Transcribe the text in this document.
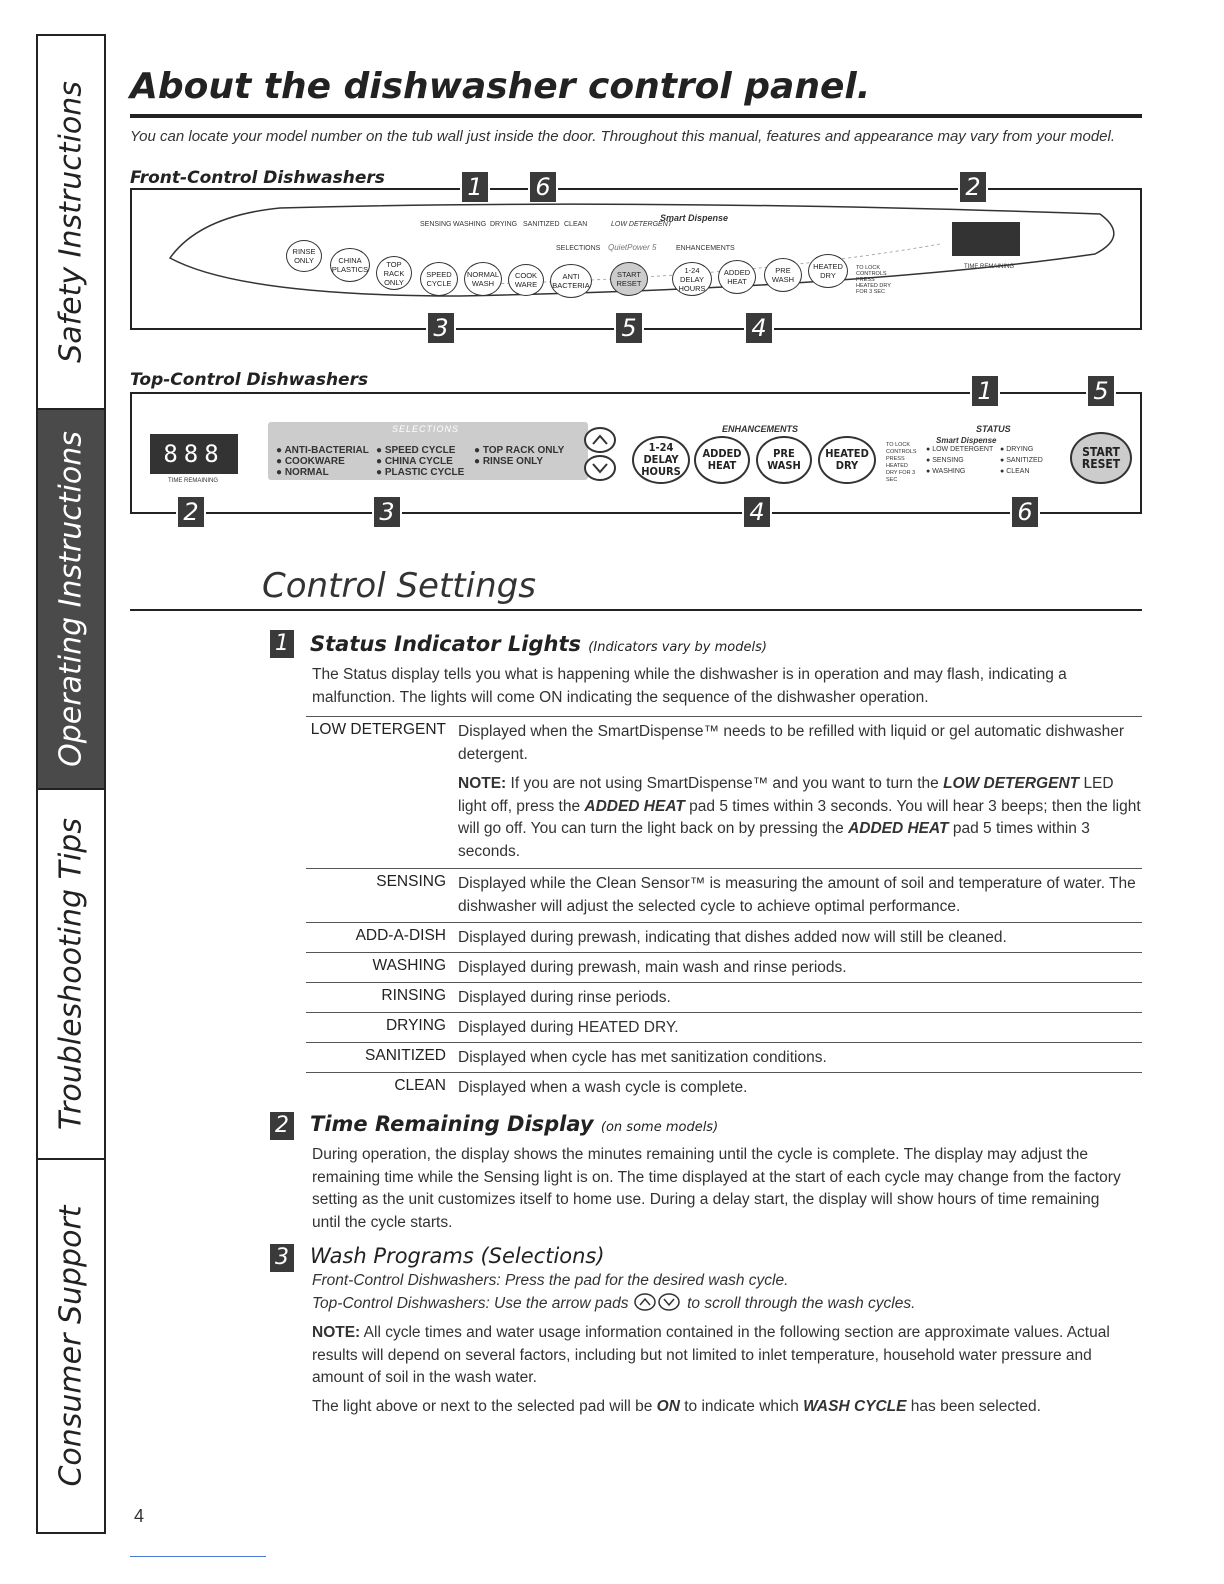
Safety Instructions
Operating Instructions
Troubleshooting Tips
Consumer Support
About the dishwasher control panel.
You can locate your model number on the tub wall just inside the door. Throughout this manual, features and appearance may vary from your model.
Front-Control Dishwashers	1 6	2
3	5	4
SENSING WASHING DRYING SANITIZED CLEAN	LOW DETERGENT
Smart Dispense
SELECTIONS QuietPower 5	ENHANCEMENTS
TIME REMAINING
TO LOCK CONTROLS PRESS HEATED DRY FOR 3 SEC
RINSE ONLY	CHINA PLASTICS
TOP RACK ONLY
SPEED CYCLE
NORMAL WASH
COOK WARE
ANTI BACTERIA
START RESET
1-24 DELAY HOURS
ADDED HEAT
PRE WASH
HEATED DRY
Top-Control Dishwashers	1	5
2	3	4	6
888
TIME REMAINING
SELECTIONS
● ANTI-BACTERIAL
● COOKWARE
● NORMAL
● SPEED CYCLE
● CHINA CYCLE
● PLASTIC CYCLE
● TOP RACK ONLY
● RINSE ONLY
ENHANCEMENTS
1-24 DELAY HOURS
ADDED HEAT
PRE WASH
HEATED DRY
TO LOCK CONTROLS PRESS HEATED DRY FOR 3 SEC
STATUS
Smart Dispense
● LOW DETERGENT
● SENSING
● WASHING
● DRYING
● SANITIZED
● CLEAN
START RESET
Control Settings
1 Status Indicator Lights (Indicators vary by models)
The Status display tells you what is happening while the dishwasher is in operation and may flash, indicating a malfunction. The lights will come ON indicating the sequence of the dishwasher operation.
LOW DETERGENT Displayed when the SmartDispense™ needs to be refilled with liquid or gel automatic dishwasher detergent.
NOTE: If you are not using SmartDispense™ and you want to turn the LOW DETERGENT LED light off, press the ADDED HEAT pad 5 times within 3 seconds. You will hear 3 beeps; then the light will go off. You can turn the light back on by pressing the ADDED HEAT pad 5 times within 3 seconds.
SENSING Displayed while the Clean Sensor™ is measuring the amount of soil and temperature of water. The dishwasher will adjust the selected cycle to achieve optimal performance.
ADD-A-DISH Displayed during prewash, indicating that dishes added now will still be cleaned.
WASHING Displayed during prewash, main wash and rinse periods.
RINSING Displayed during rinse periods.
DRYING Displayed during HEATED DRY.
SANITIZED Displayed when cycle has met sanitization conditions.
CLEAN Displayed when a wash cycle is complete.
2 Time Remaining Display (on some models)
During operation, the display shows the minutes remaining until the cycle is complete. The display may adjust the remaining time while the Sensing light is on. The time displayed at the start of each cycle may change from the factory setting as the unit customizes itself to home use. During a delay start, the display will show hours of time remaining until the cycle starts.
3 Wash Programs (Selections)
Front-Control Dishwashers: Press the pad for the desired wash cycle.
Top-Control Dishwashers: Use the arrow pads	to scroll through the wash cycles.
NOTE: All cycle times and water usage information contained in the following section are approximate values. Actual results will depend on several factors, including but not limited to inlet temperature, household water pressure and amount of soil in the wash water.
The light above or next to the selected pad will be ON to indicate which WASH CYCLE has been selected.
4
